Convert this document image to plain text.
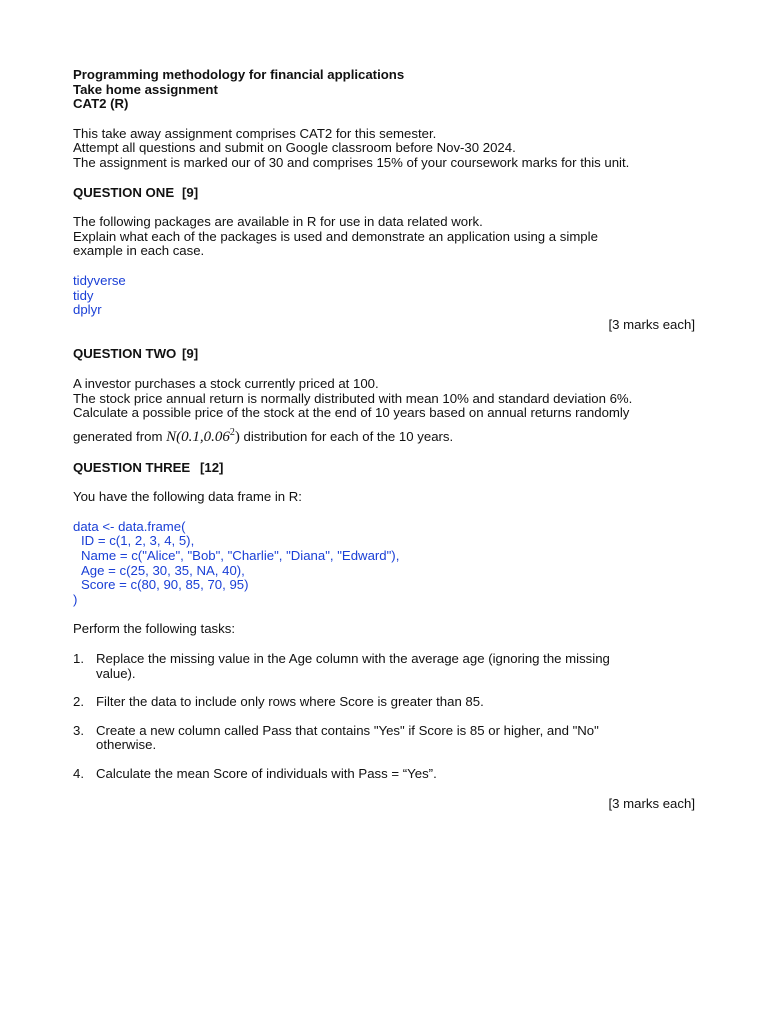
Programming methodology for financial applications
Take home assignment
CAT2 (R)
This take away assignment comprises CAT2 for this semester.
Attempt all questions and submit on Google classroom before Nov-30 2024.
The assignment is marked our of 30 and comprises 15% of your coursework marks for this unit.
QUESTION ONE [9]
The following packages are available in R for use in data related work.
Explain what each of the packages is used and demonstrate an application using a simple
example in each case.
tidyverse
tidy
dplyr
[3 marks each]
QUESTION TWO [9]
A investor purchases a stock currently priced at 100.
The stock price annual return is normally distributed with mean 10% and standard deviation 6%.
Calculate a possible price of the stock at the end of 10 years based on annual returns randomly
generated from N(0.1,0.06$^2$) distribution for each of the 10 years.
QUESTION THREE [12]
You have the following data frame in R:
data <- data.frame(
ID = c(1, 2, 3, 4, 5),
Name = c("Alice", "Bob", "Charlie", "Diana", "Edward"),
Age = c(25, 30, 35, NA, 40),
Score = c(80, 90, 85, 70, 95)
)
Perform the following tasks:
1. Replace the missing value in the Age column with the average age (ignoring the missing
value).
2. Filter the data to include only rows where Score is greater than 85.
3. Create a new column called Pass that contains "Yes" if Score is 85 or higher, and "No"
otherwise.
4. Calculate the mean Score of individuals with Pass = “Yes”.
[3 marks each]
